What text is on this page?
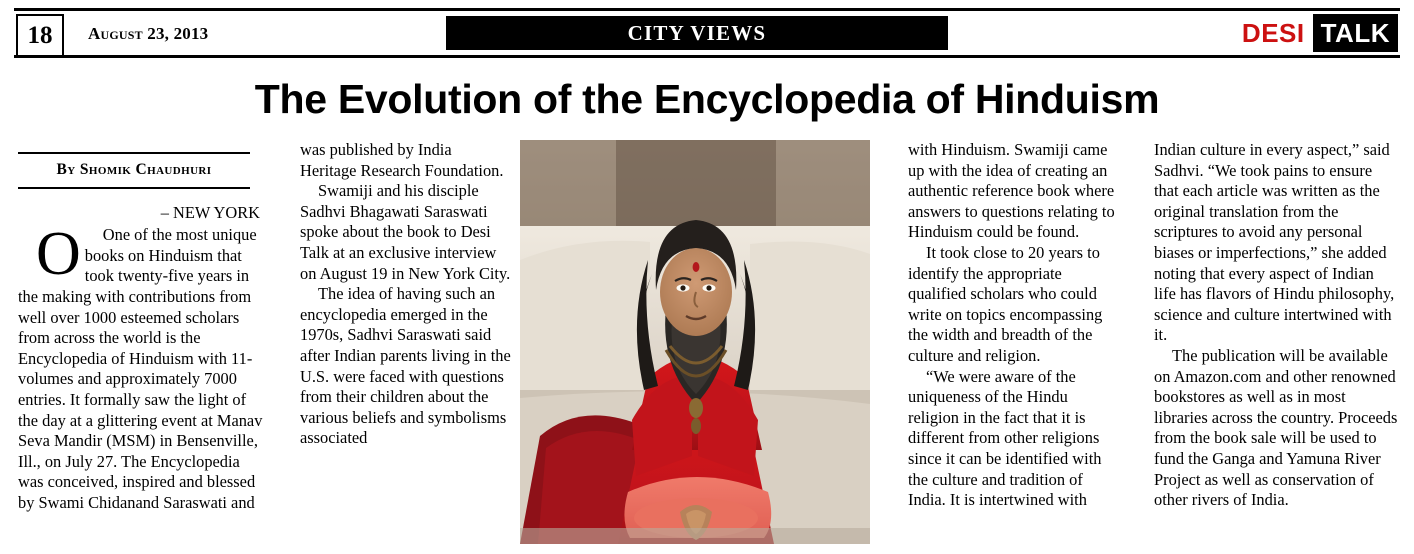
18 August 23, 2013	CITY VIEWS	DESI TALK
The Evolution of the Encyclopedia of Hinduism
By Shomik Chaudhuri
– NEW YORK

O One of the most unique books on Hinduism that took twenty-five years in the making with contributions from well over 1000 esteemed scholars from across the world is the Encyclopedia of Hinduism with 11-volumes and approximately 7000 entries. It formally saw the light of the day at a glittering event at Manav Seva Mandir (MSM) in Bensenville, Ill., on July 27. The Encyclopedia was conceived, inspired and blessed by Swami Chidanand Saraswati and

was published by India Heritage Research Foundation.

Swamiji and his disciple Sadhvi Bhagawati Saraswati spoke about the book to Desi Talk at an exclusive interview on August 19 in New York City.

The idea of having such an encyclopedia emerged in the 1970s, Sadhvi Saraswati said after Indian parents living in the U.S. were faced with questions from their children about the various beliefs and symbolisms associated

with Hinduism. Swamiji came up with the idea of creating an authentic reference book where answers to questions relating to Hinduism could be found.

It took close to 20 years to identify the appropriate qualified scholars who could write on topics encompassing the width and breadth of the culture and religion.

“We were aware of the uniqueness of the Hindu religion in the fact that it is different from other religions since it can be identified with the culture and tradition of India. It is intertwined with

Indian culture in every aspect,” said Sadhvi. “We took pains to ensure that each article was written as the original translation from the scriptures to avoid any personal biases or imperfections,” she added noting that every aspect of Indian life has flavors of Hindu philosophy, science and culture intertwined with it.

The publication will be available on Amazon.com and other renowned bookstores as well as in most libraries across the country. Proceeds from the book sale will be used to fund the Ganga and Yamuna River Project as well as conservation of other rivers of India.
